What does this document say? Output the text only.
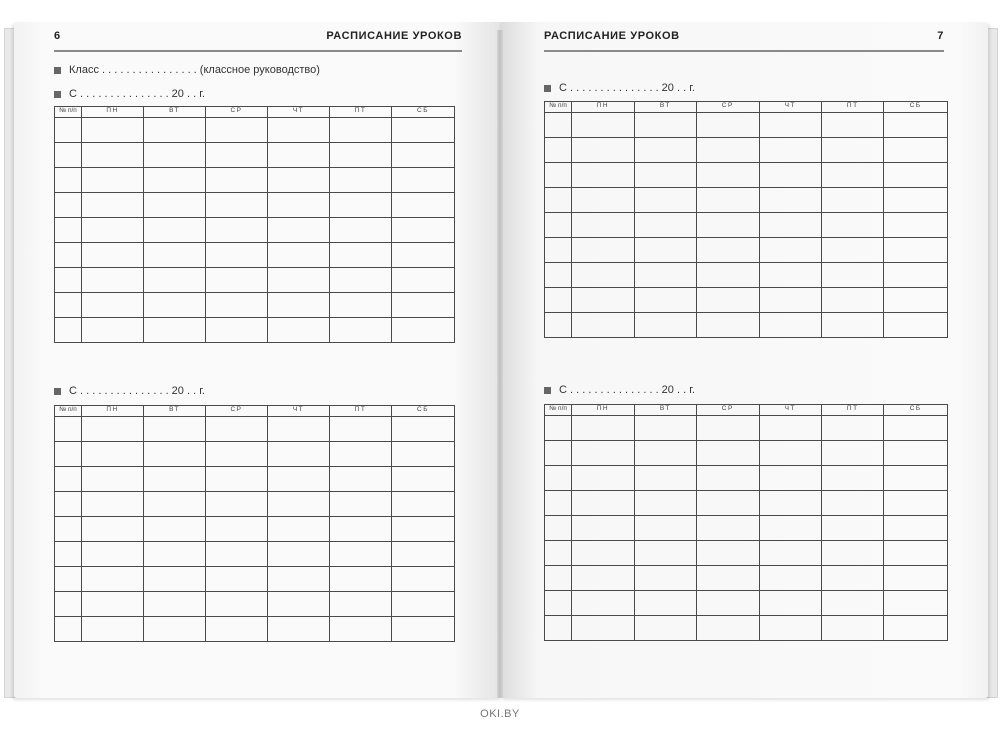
6	РАСПИСАНИЕ УРОКОВ
Класс . . . . . . . . . . . . . . . . (классное руководство)
С . . . . . . . . . . . . . . . 20 . . г.
№ п/п	ПН	ВТ	СР	ЧТ	ПТ	СБ

С . . . . . . . . . . . . . . . 20 . . г.
№ п/п	ПН	ВТ	СР	ЧТ	ПТ	СБ

РАСПИСАНИЕ УРОКОВ	7
С . . . . . . . . . . . . . . . 20 . . г.
№ п/п	ПН	ВТ	СР	ЧТ	ПТ	СБ

С . . . . . . . . . . . . . . . 20 . . г.
№ п/п	ПН	ВТ	СР	ЧТ	ПТ	СБ

OKI.BY
